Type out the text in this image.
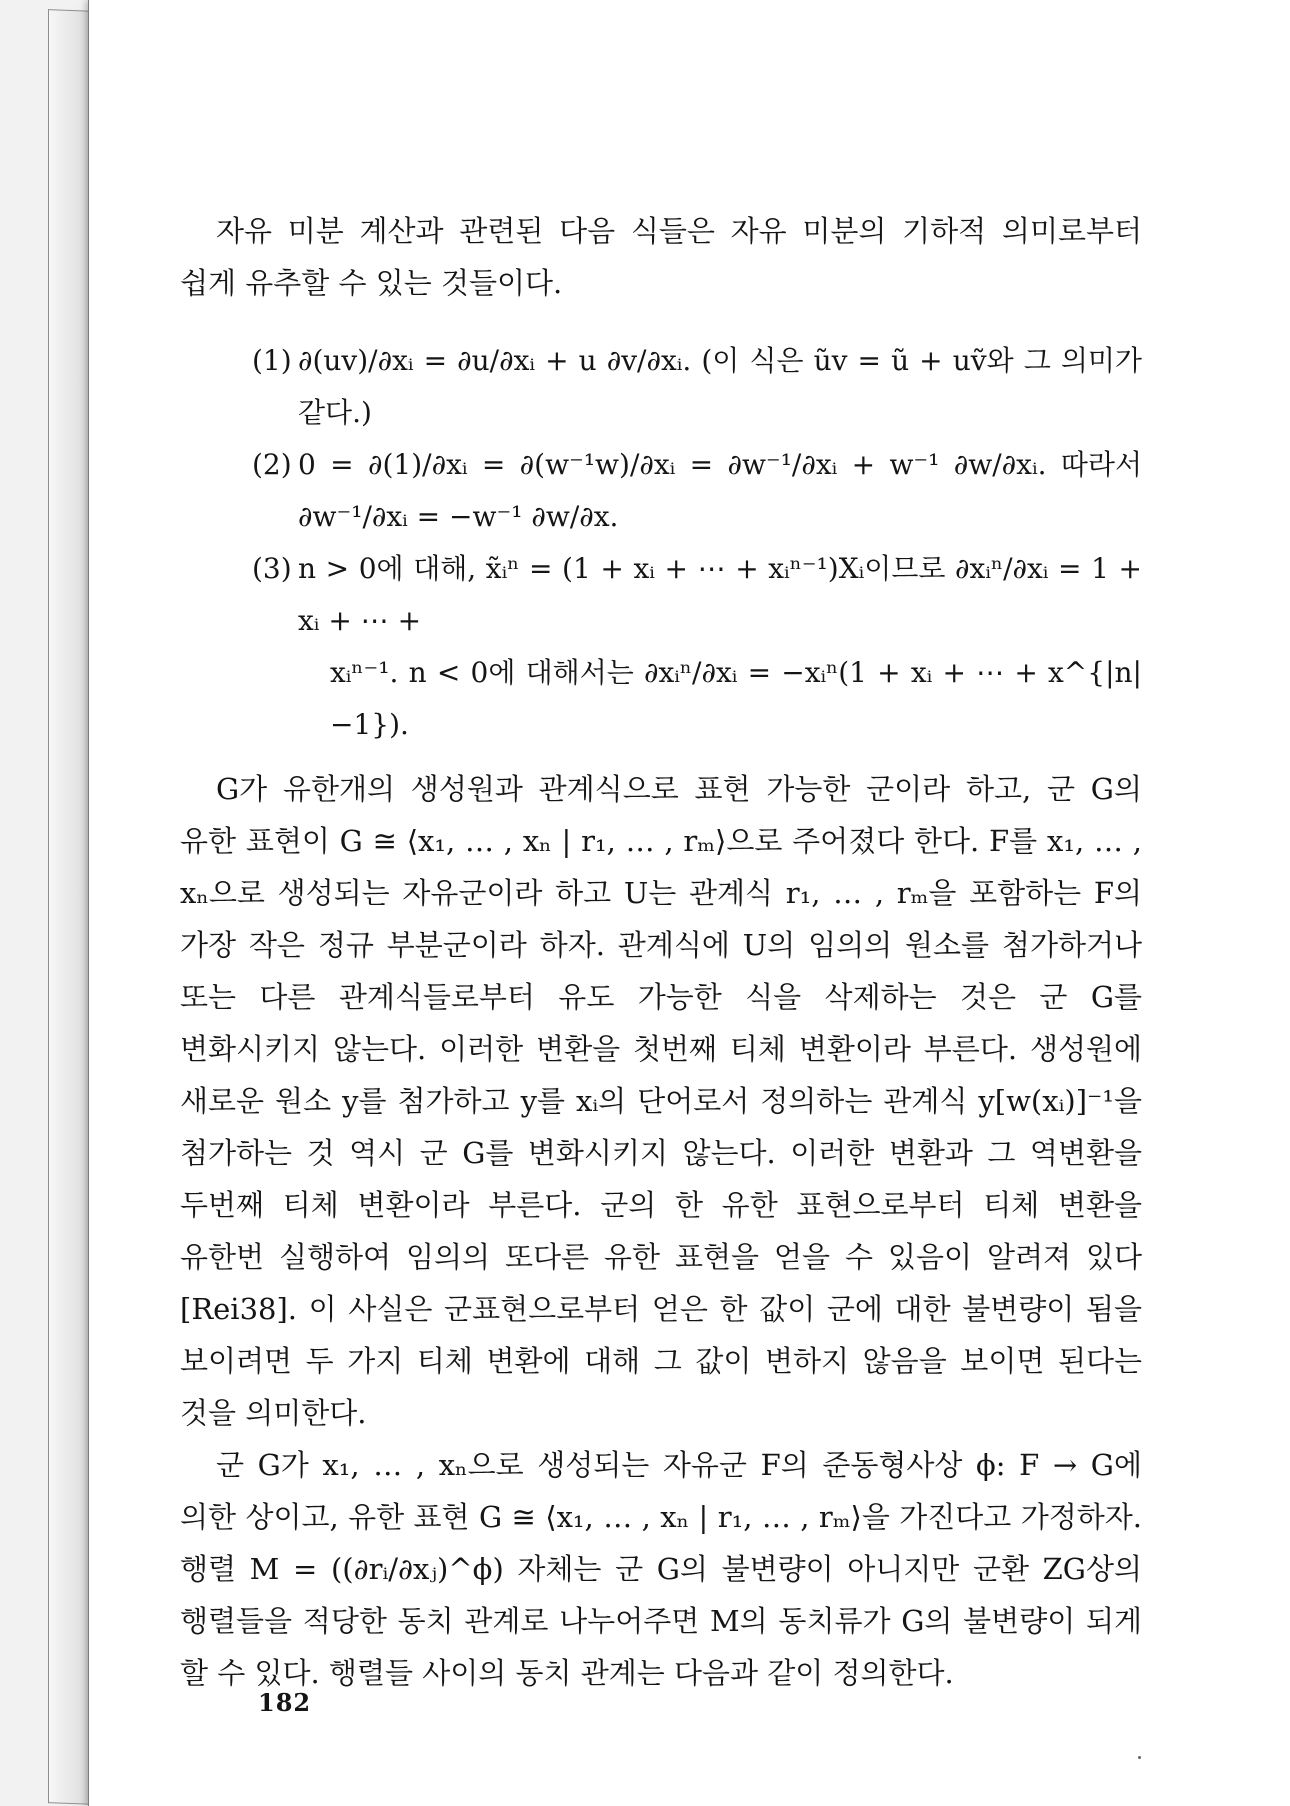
자유 미분 계산과 관련된 다음 식들은 자유 미분의 기하적 의미로부터 쉽게 유추할 수 있는 것들이다.

(1) ∂(uv)/∂xᵢ = ∂u/∂xᵢ + u ∂v/∂xᵢ. (이 식은 ũv = ũ + uṽ와 그 의미가 같다.)
(2) 0 = ∂(1)/∂xᵢ = ∂(w⁻¹w)/∂xᵢ = ∂w⁻¹/∂xᵢ + w⁻¹ ∂w/∂xᵢ. 따라서 ∂w⁻¹/∂xᵢ = −w⁻¹ ∂w/∂x.
(3) n > 0에 대해, x̃ᵢⁿ = (1 + xᵢ + ⋯ + xᵢⁿ⁻¹)Xᵢ이므로 ∂xᵢⁿ/∂xᵢ = 1 + xᵢ + ⋯ +
xᵢⁿ⁻¹. n < 0에 대해서는 ∂xᵢⁿ/∂xᵢ = −xᵢⁿ(1 + xᵢ + ⋯ + x^{|n|−1}).

G가 유한개의 생성원과 관계식으로 표현 가능한 군이라 하고, 군 G의 유한 표현이 G ≅ ⟨x₁, … , xₙ | r₁, … , rₘ⟩으로 주어졌다 한다. F를 x₁, … , xₙ으로 생성되는 자유군이라 하고 U는 관계식 r₁, … , rₘ을 포함하는 F의 가장 작은 정규 부분군이라 하자. 관계식에 U의 임의의 원소를 첨가하거나 또는 다른 관계식들로부터 유도 가능한 식을 삭제하는 것은 군 G를 변화시키지 않는다. 이러한 변환을 첫번째 티체 변환이라 부른다. 생성원에 새로운 원소 y를 첨가하고 y를 xᵢ의 단어로서 정의하는 관계식 y[w(xᵢ)]⁻¹을 첨가하는 것 역시 군 G를 변화시키지 않는다. 이러한 변환과 그 역변환을 두번째 티체 변환이라 부른다. 군의 한 유한 표현으로부터 티체 변환을 유한번 실행하여 임의의 또다른 유한 표현을 얻을 수 있음이 알려져 있다[Rei38]. 이 사실은 군표현으로부터 얻은 한 값이 군에 대한 불변량이 됨을 보이려면 두 가지 티체 변환에 대해 그 값이 변하지 않음을 보이면 된다는 것을 의미한다.

군 G가 x₁, … , xₙ으로 생성되는 자유군 F의 준동형사상 ϕ: F → G에 의한 상이고, 유한 표현 G ≅ ⟨x₁, … , xₙ | r₁, … , rₘ⟩을 가진다고 가정하자. 행렬 M = ((∂rᵢ/∂xⱼ)^ϕ) 자체는 군 G의 불변량이 아니지만 군환 ZG상의 행렬들을 적당한 동치 관계로 나누어주면 M의 동치류가 G의 불변량이 되게 할 수 있다. 행렬들 사이의 동치 관계는 다음과 같이 정의한다.

182
